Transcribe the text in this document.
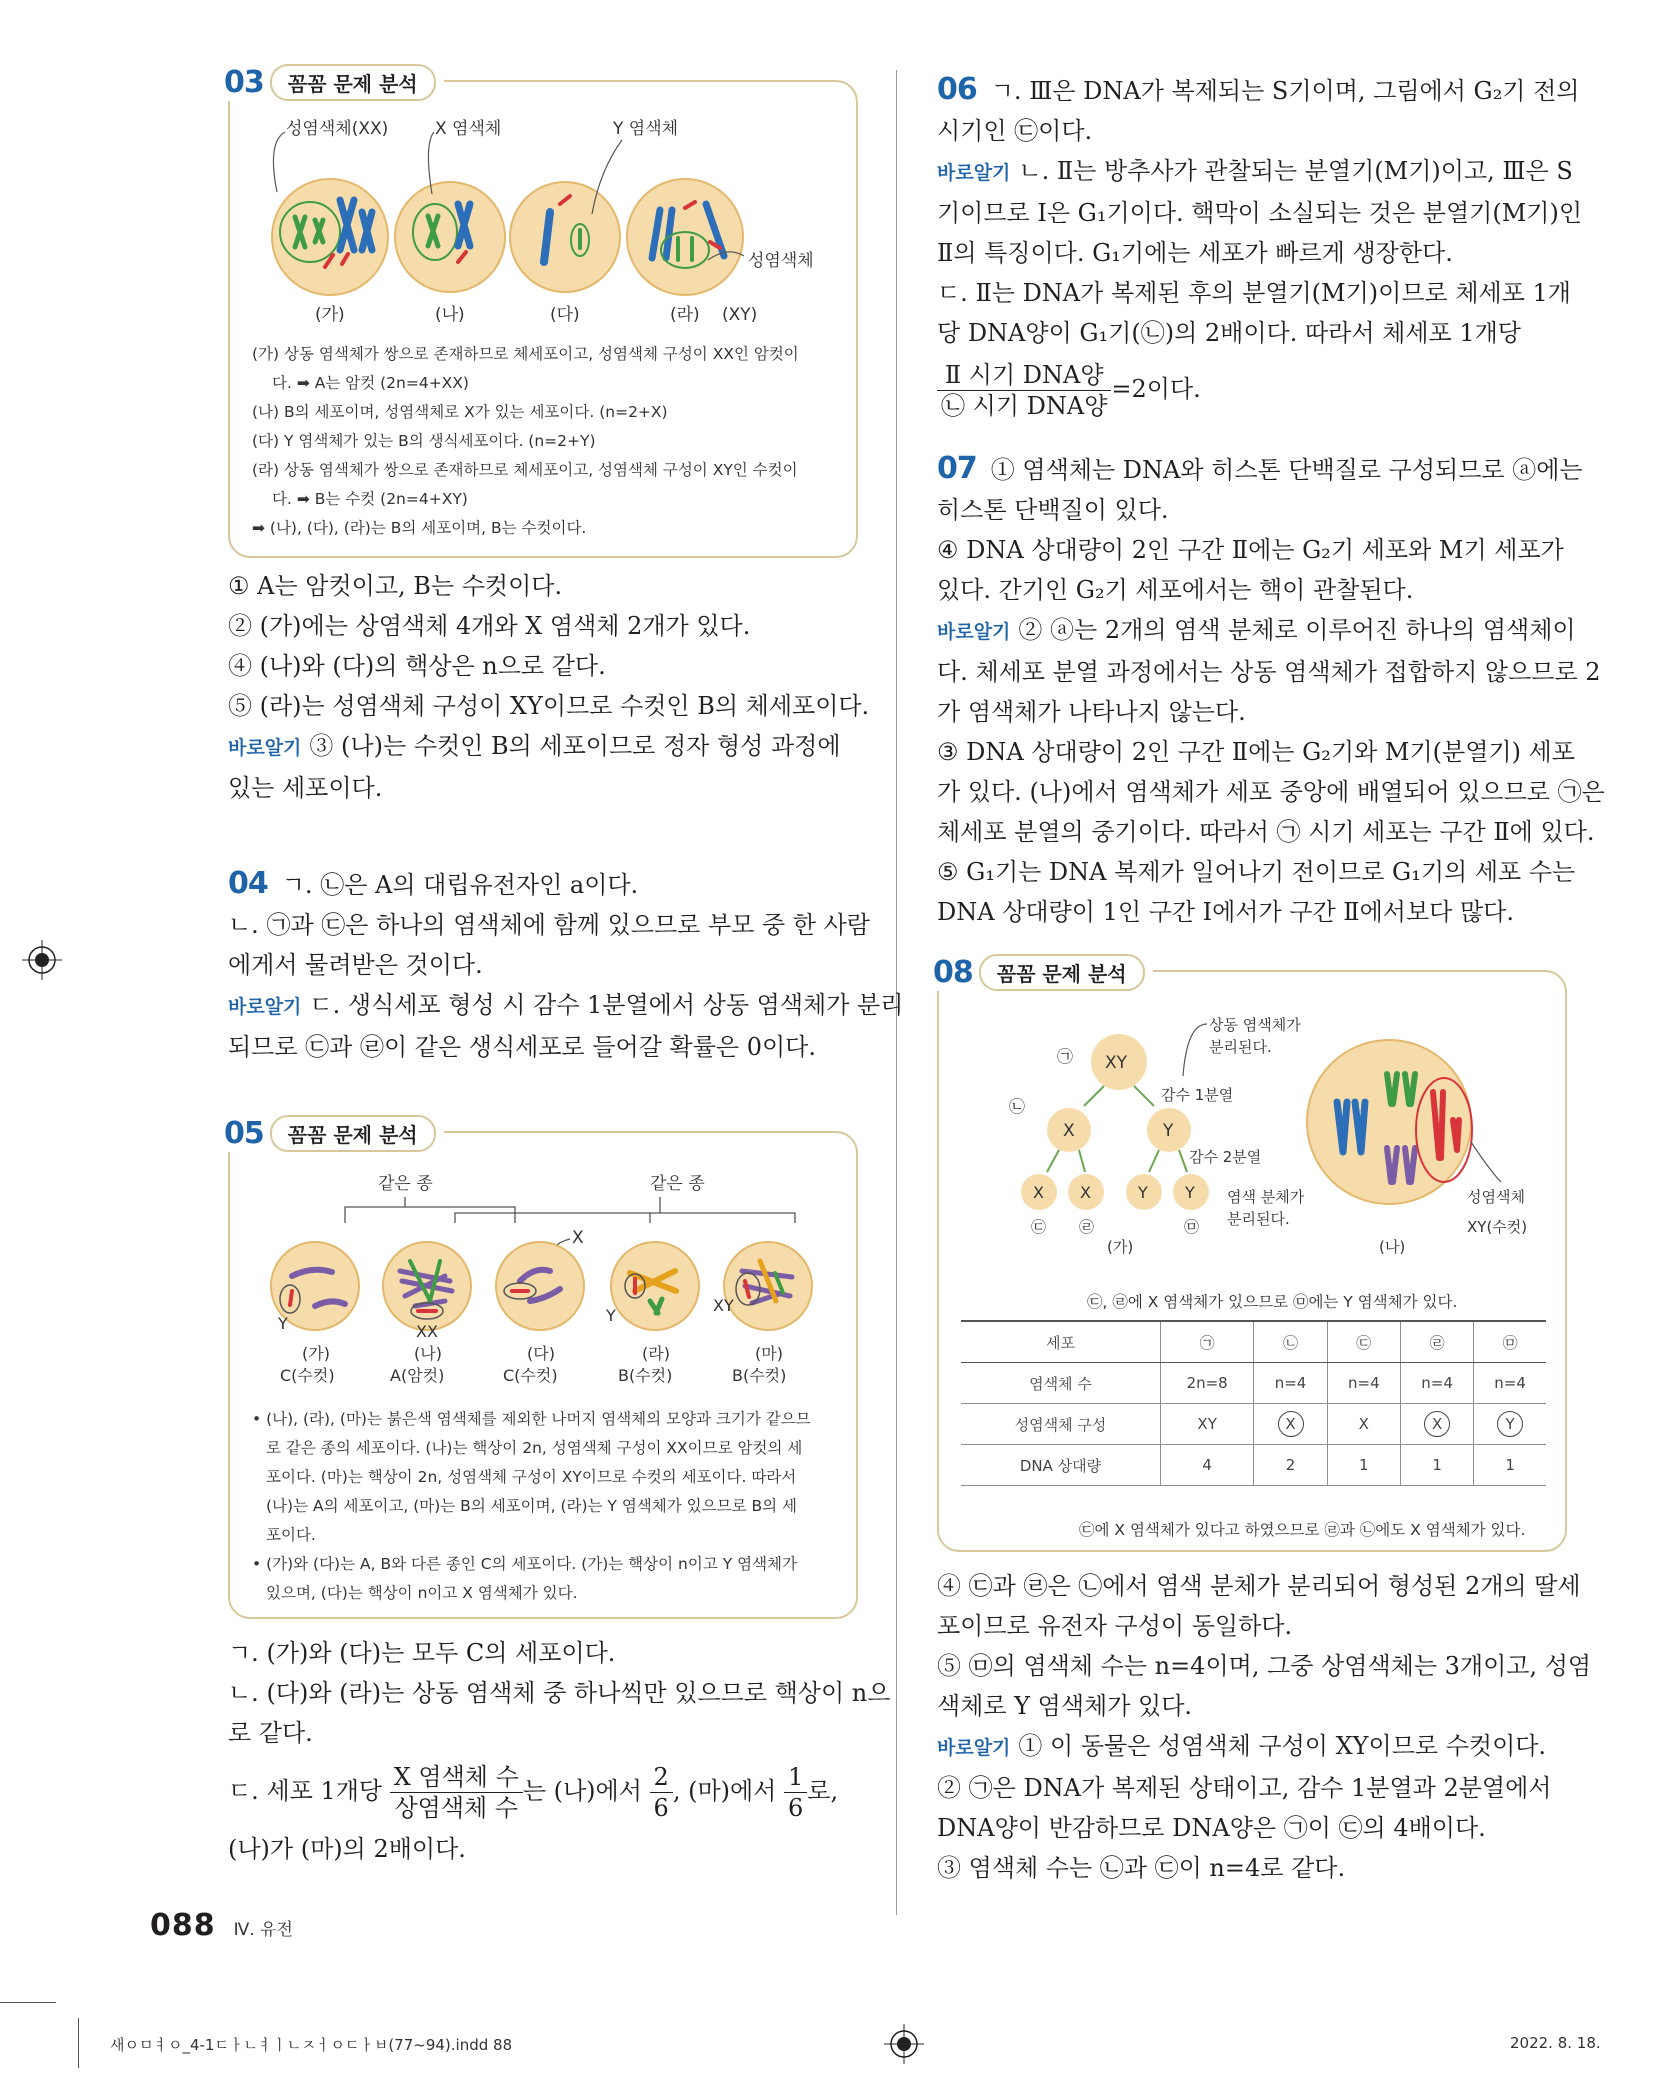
03	꼼꼼 문제 분석
성염색체(XX)	X 염색체	Y 염색체
성염색체
(가)	(나)	(다)	(라) (XY)

(가) 상동 염색체가 쌍으로 존재하므로 체세포이고, 성염색체 구성이 XX인 암컷이

다. ➡ A는 암컷 (2n=4+XX)

(나) B의 세포이며, 성염색체로 X가 있는 세포이다. (n=2+X)

(다) Y 염색체가 있는 B의 생식세포이다. (n=2+Y)

(라) 상동 염색체가 쌍으로 존재하므로 체세포이고, 성염색체 구성이 XY인 수컷이

다. ➡ B는 수컷 (2n=4+XY)

➡ (나), (다), (라)는 B의 세포이며, B는 수컷이다.

① A는 암컷이고, B는 수컷이다.

② (가)에는 상염색체 4개와 X 염색체 2개가 있다.

④ (나)와 (다)의 핵상은 n으로 같다.

⑤ (라)는 성염색체 구성이 XY이므로 수컷인 B의 체세포이다.

바로알기 ③ (나)는 수컷인 B의 세포이므로 정자 형성 과정에

있는 세포이다.

04 ㄱ. ㉡은 A의 대립유전자인 a이다.

ㄴ. ㉠과 ㉢은 하나의 염색체에 함께 있으므로 부모 중 한 사람

에게서 물려받은 것이다.

바로알기 ㄷ. 생식세포 형성 시 감수 1분열에서 상동 염색체가 분리

되므로 ㉢과 ㉣이 같은 생식세포로 들어갈 확률은 0이다.

05	꼼꼼 문제 분석
같은 종	같은 종
X
Y	XX
Y
XY
(가)	(나)	(다)	(라)	(마)
C(수컷)	A(암컷)	C(수컷)	B(수컷)	B(수컷)

• (나), (라), (마)는 붉은색 염색체를 제외한 나머지 염색체의 모양과 크기가 같으므

로 같은 종의 세포이다. (나)는 핵상이 2n, 성염색체 구성이 XX이므로 암컷의 세

포이다. (마)는 핵상이 2n, 성염색체 구성이 XY이므로 수컷의 세포이다. 따라서

(나)는 A의 세포이고, (마)는 B의 세포이며, (라)는 Y 염색체가 있으므로 B의 세

포이다.

• (가)와 (다)는 A, B와 다른 종인 C의 세포이다. (가)는 핵상이 n이고 Y 염색체가

있으며, (다)는 핵상이 n이고 X 염색체가 있다.

ㄱ. (가)와 (다)는 모두 C의 세포이다.

ㄴ. (다)와 (라)는 상동 염색체 중 하나씩만 있으므로 핵상이 n으

로 같다.

ㄷ. 세포 1개당 $\frac{\text{X 염색체 수}}{\text{상염색체 수}}$ 는 (나)에서 $\frac{2}{6}$ , (마)에서 $\frac{1}{6}$ 로,

(나)가 (마)의 2배이다.

06 ㄱ. Ⅲ은 DNA가 복제되는 S기이며, 그림에서 G₂기 전의

시기인 ㉢이다.

바로알기 ㄴ. Ⅱ는 방추사가 관찰되는 분열기(M기)이고, Ⅲ은 S

기이므로 Ⅰ은 G₁기이다. 핵막이 소실되는 것은 분열기(M기)인

Ⅱ의 특징이다. G₁기에는 세포가 빠르게 생장한다.

ㄷ. Ⅱ는 DNA가 복제된 후의 분열기(M기)이므로 체세포 1개

당 DNA양이 G₁기(㉡)의 2배이다. 따라서 체세포 1개당

$\frac{\text{Ⅱ 시기 DNA양}}{\text{㉡ 시기 DNA양}} =2$이다.

07 ① 염색체는 DNA와 히스톤 단백질로 구성되므로 ⓐ에는

히스톤 단백질이 있다.

④ DNA 상대량이 2인 구간 Ⅱ에는 G₂기 세포와 M기 세포가

있다. 간기인 G₂기 세포에서는 핵이 관찰된다.

바로알기 ② ⓐ는 2개의 염색 분체로 이루어진 하나의 염색체이

다. 체세포 분열 과정에서는 상동 염색체가 접합하지 않으므로 2

가 염색체가 나타나지 않는다.

③ DNA 상대량이 2인 구간 Ⅱ에는 G₂기와 M기(분열기) 세포

가 있다. (나)에서 염색체가 세포 중앙에 배열되어 있으므로 ㉠은

체세포 분열의 중기이다. 따라서 ㉠ 시기 세포는 구간 Ⅱ에 있다.

⑤ G₁기는 DNA 복제가 일어나기 전이므로 G₁기의 세포 수는

DNA 상대량이 1인 구간 Ⅰ에서가 구간 Ⅱ에서보다 많다.

08	꼼꼼 문제 분석
㉠ XY
㉡
X	Y
X X	Y Y
㉢ ㉣	㉤
상동 염색체가
분리된다.
감수 1분열
감수 2분열
염색 분체가
분리된다.
(가)	(나)
성염색체
XY(수컷)
㉢, ㉣에 X 염색체가 있으므로 ㉤에는 Y 염색체가 있다.
세포	㉠	㉡	㉢	㉣	㉤
염색체 수	2n=8	n=4	n=4	n=4	n=4
성염색체 구성	XY	X	X	X	Y
DNA 상대량	4	2	1	1	1
㉢에 X 염색체가 있다고 하였으므로 ㉣과 ㉡에도 X 염색체가 있다.

④ ㉢과 ㉣은 ㉡에서 염색 분체가 분리되어 형성된 2개의 딸세

포이므로 유전자 구성이 동일하다.

⑤ ㉤의 염색체 수는 n=4이며, 그중 상염색체는 3개이고, 성염

색체로 Y 염색체가 있다.

바로알기 ① 이 동물은 성염색체 구성이 XY이므로 수컷이다.

② ㉠은 DNA가 복제된 상태이고, 감수 1분열과 2분열에서

DNA양이 반감하므로 DNA양은 ㉠이 ㉢의 4배이다.

③ 염색체 수는 ㉡과 ㉢이 n=4로 같다.

088 Ⅳ. 유전
새ㅇㅁㅕㅇ_4-1ㄷㅏㄴㅕㅣㄴㅈㅓㅇㄷㅏㅂ(77~94).indd 88	2022. 8. 18.
